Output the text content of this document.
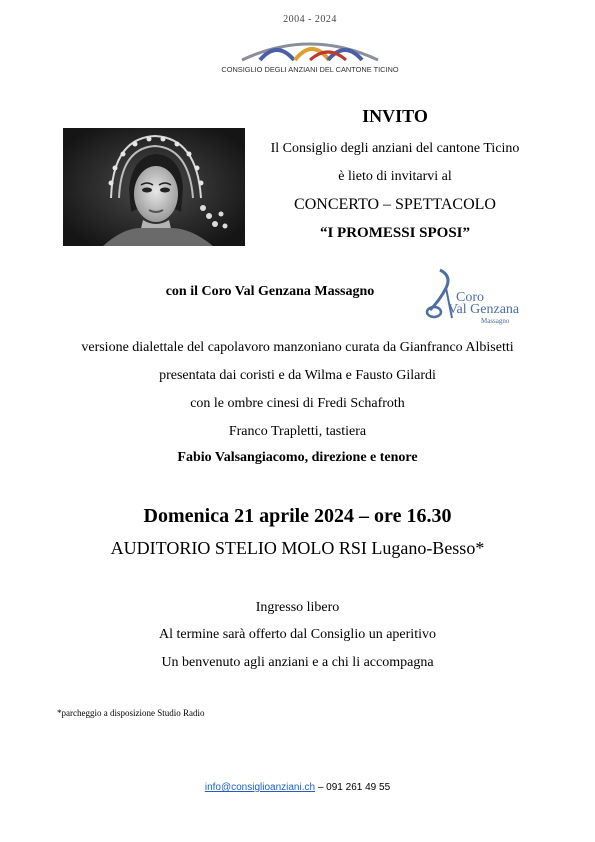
2004 - 2024
CONSIGLIO DEGLI ANZIANI DEL CANTONE TICINO
INVITO
Il Consiglio degli anziani del cantone Ticino
è lieto di invitarvi al
CONCERTO – SPETTACOLO
“I PROMESSI SPOSI”
con il Coro Val Genzana Massagno	Coro
Val Genzana
Massagno
versione dialettale del capolavoro manzoniano curata da Gianfranco Albisetti
presentata dai coristi e da Wilma e Fausto Gilardi
con le ombre cinesi di Fredi Schafroth
Franco Trapletti, tastiera
Fabio Valsangiacomo, direzione e tenore
Domenica 21 aprile 2024 – ore 16.30
AUDITORIO STELIO MOLO RSI Lugano-Besso*
Ingresso libero
Al termine sarà offerto dal Consiglio un aperitivo
Un benvenuto agli anziani e a chi li accompagna
*parcheggio a disposizione Studio Radio
info@consiglioanziani.ch – 091 261 49 55
